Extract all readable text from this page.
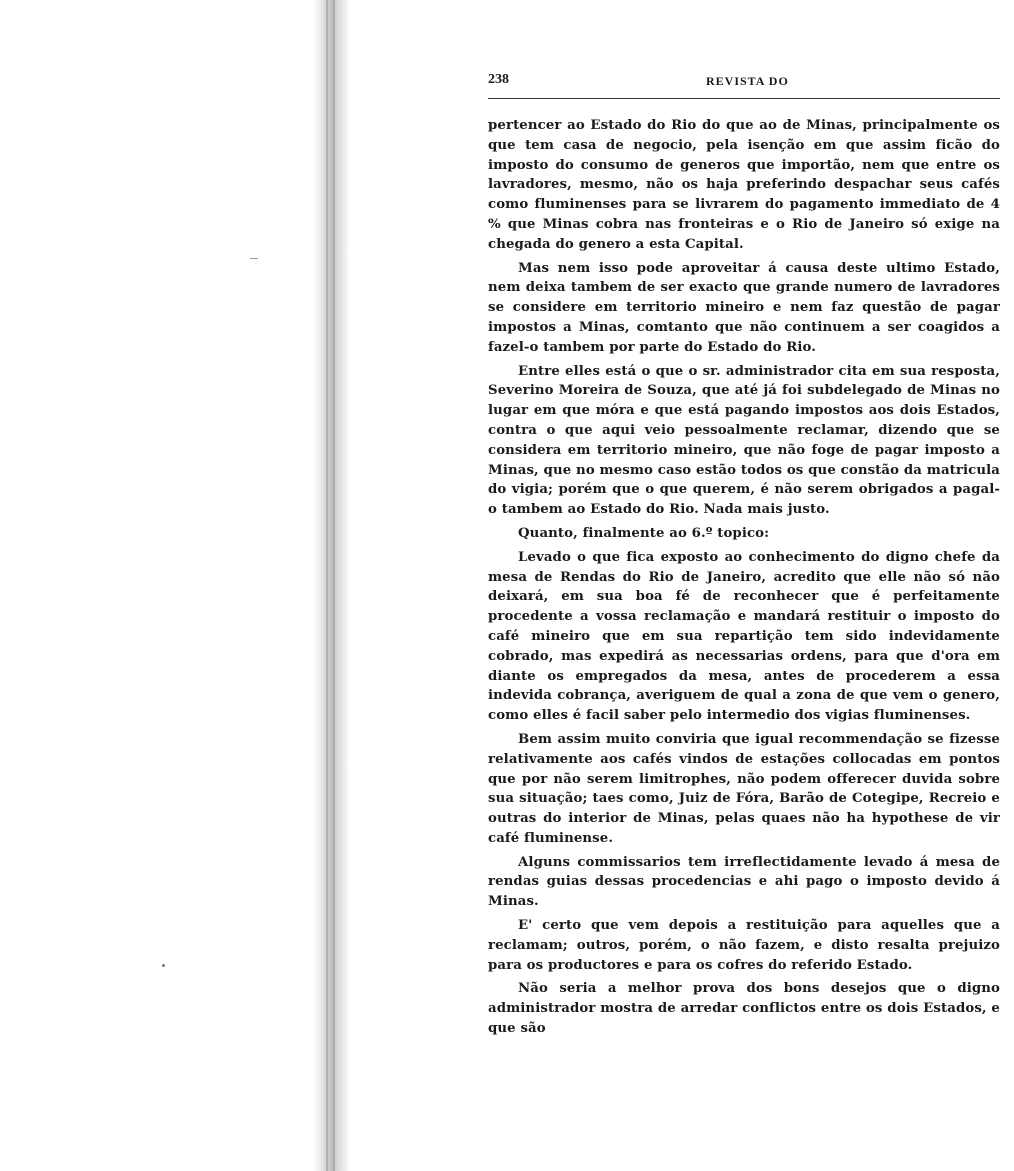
238	REVISTA DO

pertencer ao Estado do Rio do que ao de Minas, principalmente os que tem casa de negocio, pela isenção em que assim ficão do imposto do consumo de generos que importão, nem que entre os lavradores, mesmo, não os haja preferindo despachar seus cafés como fluminenses para se livrarem do pagamento immediato de 4 % que Minas cobra nas fronteiras e o Rio de Janeiro só exige na chegada do genero a esta Capital.

Mas nem isso pode aproveitar á causa deste ultimo Estado, nem deixa tambem de ser exacto que grande numero de lavradores se considere em territorio mineiro e nem faz questão de pagar impostos a Minas, comtanto que não continuem a ser coagidos a fazel-o tambem por parte do Estado do Rio.

Entre elles está o que o sr. administrador cita em sua resposta, Severino Moreira de Souza, que até já foi subdelegado de Minas no lugar em que móra e que está pagando impostos aos dois Estados, contra o que aqui veio pessoalmente reclamar, dizendo que se considera em territorio mineiro, que não foge de pagar imposto a Minas, que no mesmo caso estão todos os que constão da matricula do vigia; porém que o que querem, é não serem obrigados a pagal-o tambem ao Estado do Rio. Nada mais justo.

Quanto, finalmente ao 6.º topico:

Levado o que fica exposto ao conhecimento do digno chefe da mesa de Rendas do Rio de Janeiro, acredito que elle não só não deixará, em sua boa fé de reconhecer que é perfeitamente procedente a vossa reclamação e mandará restituir o imposto do café mineiro que em sua repartição tem sido indevidamente cobrado, mas expedirá as necessarias ordens, para que d'ora em diante os empregados da mesa, antes de procederem a essa indevida cobrança, averiguem de qual a zona de que vem o genero, como elles é facil saber pelo intermedio dos vigias fluminenses.

Bem assim muito conviria que igual recommendação se fizesse relativamente aos cafés vindos de estações collocadas em pontos que por não serem limitrophes, não podem offerecer duvida sobre sua situação; taes como, Juiz de Fóra, Barão de Cotegipe, Recreio e outras do interior de Minas, pelas quaes não ha hypothese de vir café fluminense.

Alguns commissarios tem irreflectidamente levado á mesa de rendas guias dessas procedencias e ahi pago o imposto devido á Minas.

E' certo que vem depois a restituição para aquelles que a reclamam; outros, porém, o não fazem, e disto resalta prejuizo para os productores e para os cofres do referido Estado.

Não seria a melhor prova dos bons desejos que o digno administrador mostra de arredar conflictos entre os dois Estados, e que são
